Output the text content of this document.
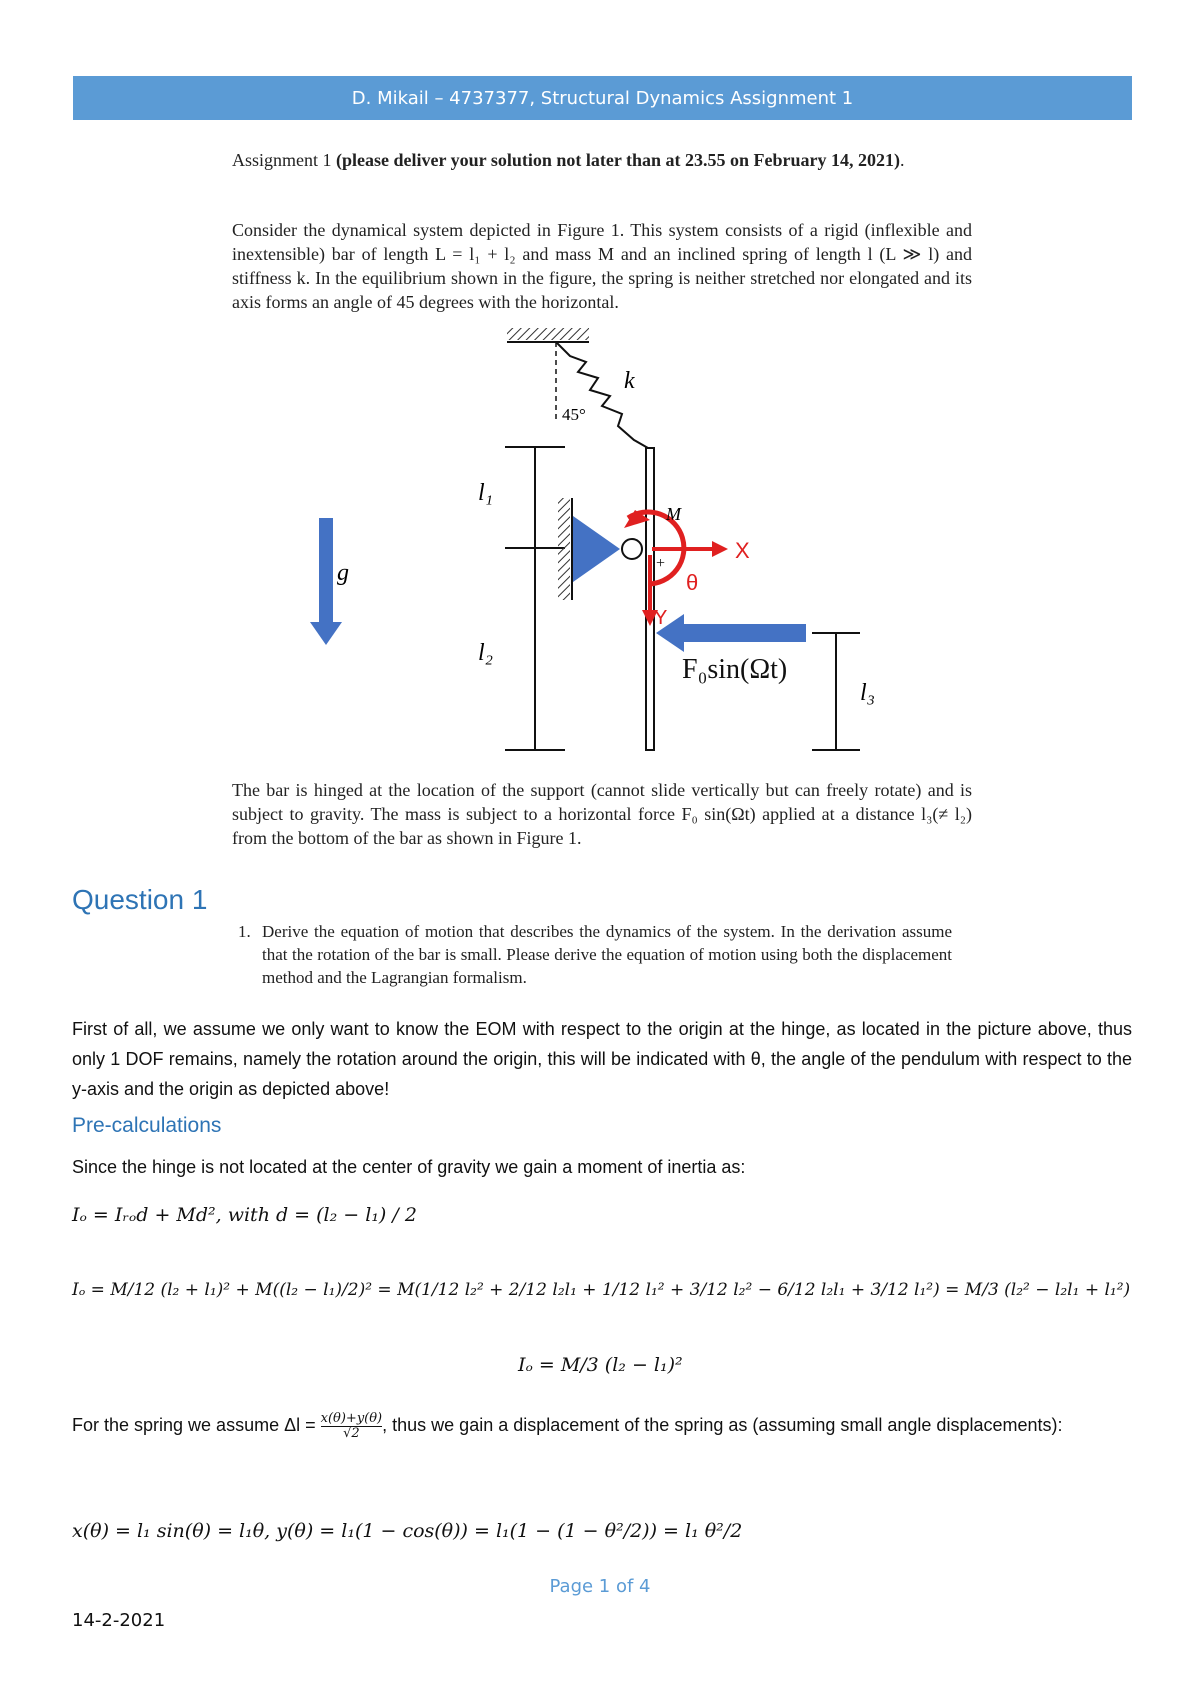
D. Mikail – 4737377, Structural Dynamics Assignment 1

Assignment 1 (please deliver your solution not later than at 23.55 on February 14, 2021).

Consider the dynamical system depicted in Figure 1. This system consists of a rigid (inflexible and inextensible) bar of length L = l₁ + l₂ and mass M and an inclined spring of length l (L ≫ l) and stiffness k. In the equilibrium shown in the figure, the spring is neither stretched nor elongated and its axis forms an angle of 45 degrees with the horizontal.

k
45°
l₁
l₂
g
M
+
X
Y
θ
F₀sin(Ωt)
l₃

The bar is hinged at the location of the support (cannot slide vertically but can freely rotate) and is subject to gravity. The mass is subject to a horizontal force F₀ sin(Ωt) applied at a distance l₃(≠ l₂) from the bottom of the bar as shown in Figure 1.

Question 1
1. Derive the equation of motion that describes the dynamics of the system. In the derivation assume that the rotation of the bar is small. Please derive the equation of motion using both the displacement method and the Lagrangian formalism.

First of all, we assume we only want to know the EOM with respect to the origin at the hinge, as located in the picture above, thus only 1 DOF remains, namely the rotation around the origin, this will be indicated with θ, the angle of the pendulum with respect to the y-axis and the origin as depicted above!

Pre-calculations

Since the hinge is not located at the center of gravity we gain a moment of inertia as:

Iₒ = Iᵣₒd + Md², with d = (l₂ − l₁) / 2
Iₒ = M/12 (l₂ + l₁)² + M((l₂ − l₁)/2)² = M(1/12 l₂² + 2/12 l₂l₁ + 1/12 l₁² + 3/12 l₂² − 6/12 l₂l₁ + 3/12 l₁²) = M/3 (l₂² − l₂l₁ + l₁²)
Iₒ = M/3 (l₂ − l₁)²

For the spring we assume $\Delta l = \frac{x(\theta)+y(\theta)}{√2}$ , thus we gain a displacement of the spring as (assuming small angle displacements):

x(θ) = l₁ sin(θ) = l₁θ, y(θ) = l₁(1 − cos(θ)) = l₁(1 − (1 − θ²/2)) = l₁ θ²/2
Page 1 of 4
14-2-2021
